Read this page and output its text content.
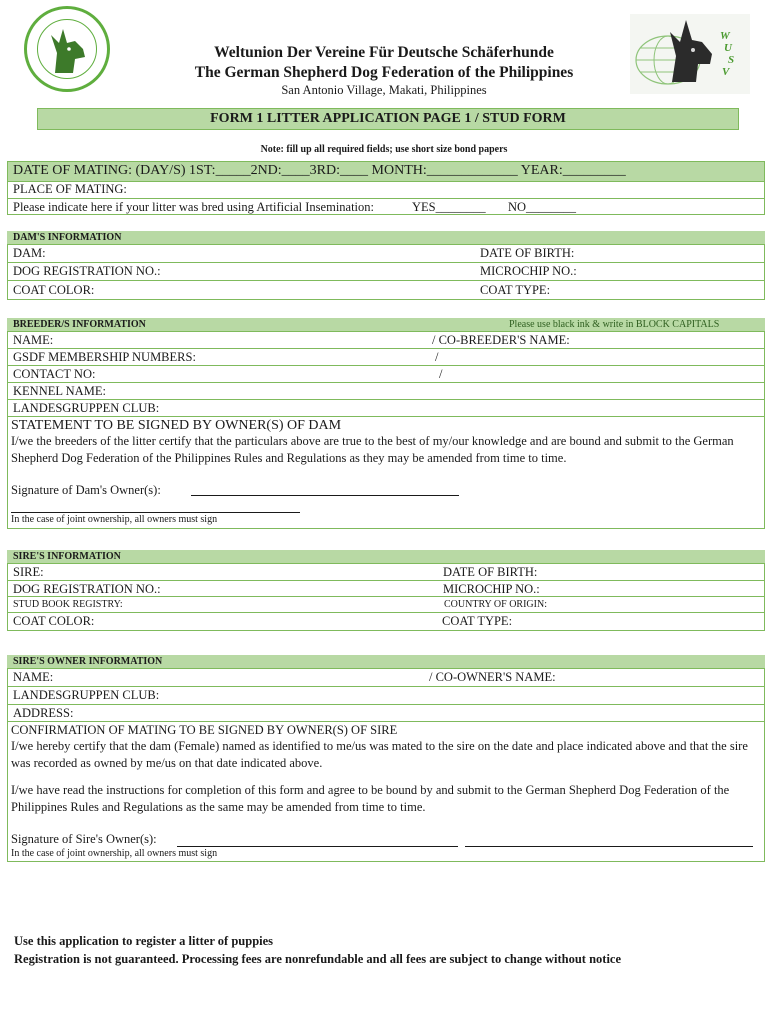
W
U
S
V
Weltunion Der Vereine Für Deutsche Schäferhunde
The German Shepherd Dog Federation of the Philippines
San Antonio Village, Makati, Philippines
FORM 1 LITTER APPLICATION PAGE 1 / STUD FORM
Note: fill up all required fields; use short size bond papers
DATE OF MATING: (DAY/S) 1ST:_____2ND:____3RD:____ MONTH:_____________ YEAR:_________
PLACE OF MATING:
Please indicate here if your litter was bred using Artificial Insemination:	YES________ NO________
DAM'S INFORMATION
DAM:	DATE OF BIRTH:
DOG REGISTRATION NO.:	MICROCHIP NO.:
COAT COLOR:	COAT TYPE:
BREEDER/S INFORMATION	Please use black ink & write in BLOCK CAPITALS
NAME:	/ CO-BREEDER'S NAME:
GSDF MEMBERSHIP NUMBERS:	/
CONTACT NO:	/
KENNEL NAME:
LANDESGRUPPEN CLUB:
STATEMENT TO BE SIGNED BY OWNER(S) OF DAM
I/we the breeders of the litter certify that the particulars above are true to the best of my/our knowledge and are bound and submit to the German Shepherd Dog Federation of the Philippines Rules and Regulations as they may be amended from time to time.
Signature of Dam's Owner(s):
In the case of joint ownership, all owners must sign
SIRE'S INFORMATION
SIRE:	DATE OF BIRTH:
DOG REGISTRATION NO.:	MICROCHIP NO.:
STUD BOOK REGISTRY:	COUNTRY OF ORIGIN:
COAT COLOR:	COAT TYPE:
SIRE'S OWNER INFORMATION
NAME:	/ CO-OWNER'S NAME:
LANDESGRUPPEN CLUB:
ADDRESS:
CONFIRMATION OF MATING TO BE SIGNED BY OWNER(S) OF SIRE
I/we hereby certify that the dam (Female) named as identified to me/us was mated to the sire on the date and place indicated above and that the sire was recorded as owned by me/us on that date indicated above.
I/we have read the instructions for completion of this form and agree to be bound by and submit to the German Shepherd Dog Federation of the Philippines Rules and Regulations as the same may be amended from time to time.
Signature of Sire's Owner(s):
In the case of joint ownership, all owners must sign
Use this application to register a litter of puppies
Registration is not guaranteed. Processing fees are nonrefundable and all fees are subject to change without notice
